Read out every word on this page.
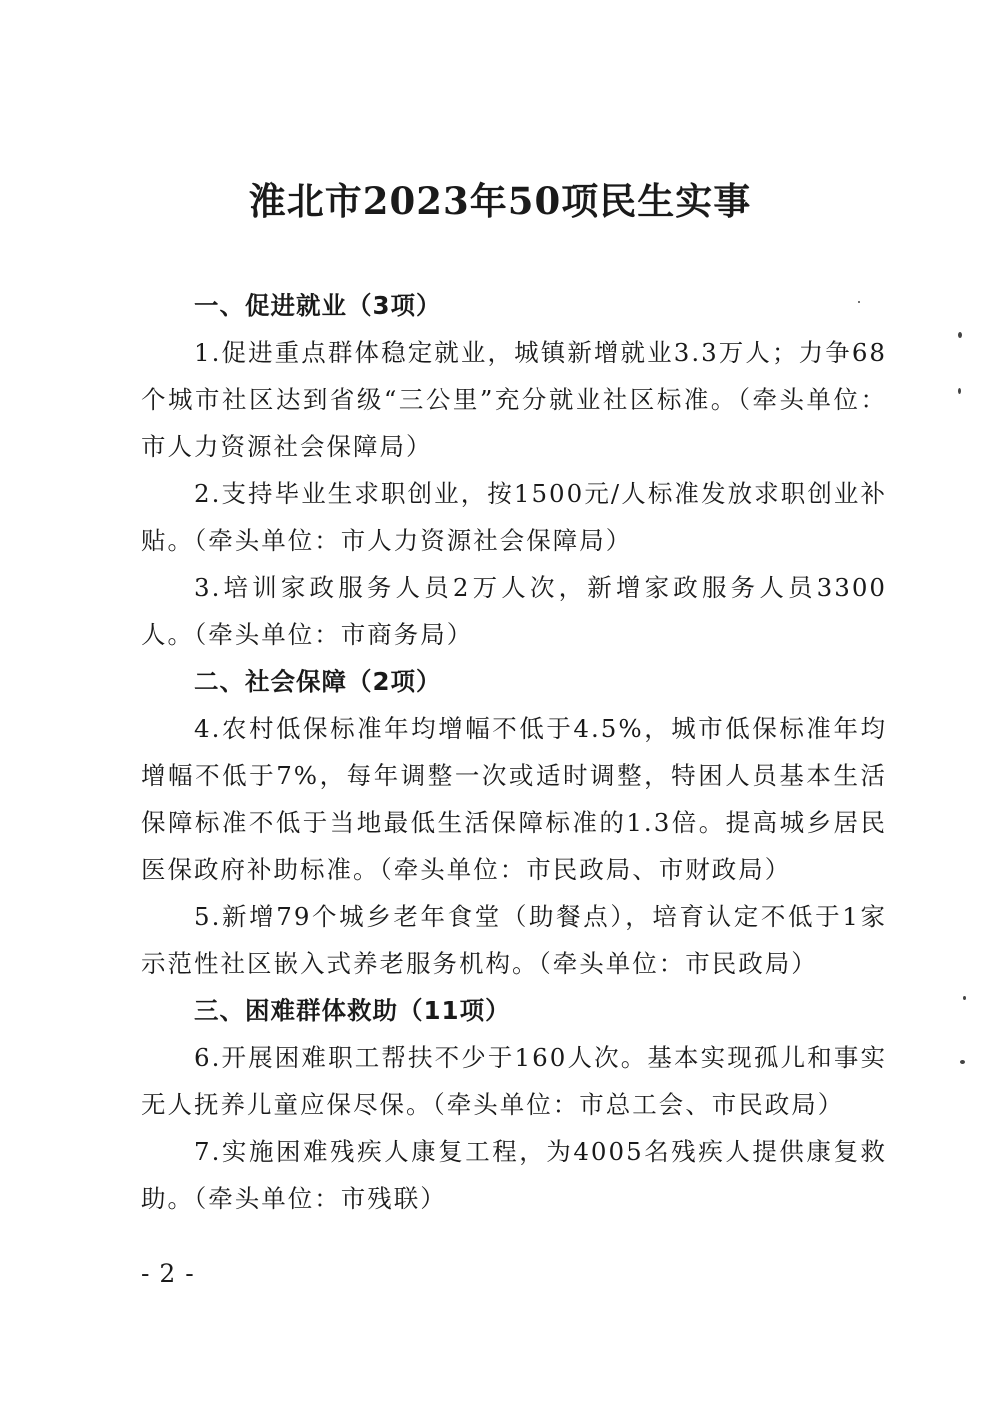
淮北市2023年50项民生实事

一、促进就业（3项）

1.促进重点群体稳定就业，城镇新增就业3.3万人；力争68个城市社区达到省级“三公里”充分就业社区标准。（牵头单位：市人力资源社会保障局）

2.支持毕业生求职创业，按1500元/人标准发放求职创业补贴。（牵头单位：市人力资源社会保障局）

3.培训家政服务人员2万人次，新增家政服务人员3300人。（牵头单位：市商务局）

二、社会保障（2项）

4.农村低保标准年均增幅不低于4.5%，城市低保标准年均增幅不低于7%，每年调整一次或适时调整，特困人员基本生活保障标准不低于当地最低生活保障标准的1.3倍。提高城乡居民医保政府补助标准。（牵头单位：市民政局、市财政局）

5.新增79个城乡老年食堂（助餐点），培育认定不低于1家示范性社区嵌入式养老服务机构。（牵头单位：市民政局）

三、困难群体救助（11项）

6.开展困难职工帮扶不少于160人次。基本实现孤儿和事实无人抚养儿童应保尽保。（牵头单位：市总工会、市民政局）

7.实施困难残疾人康复工程，为4005名残疾人提供康复救助。（牵头单位：市残联）

- 2 -
